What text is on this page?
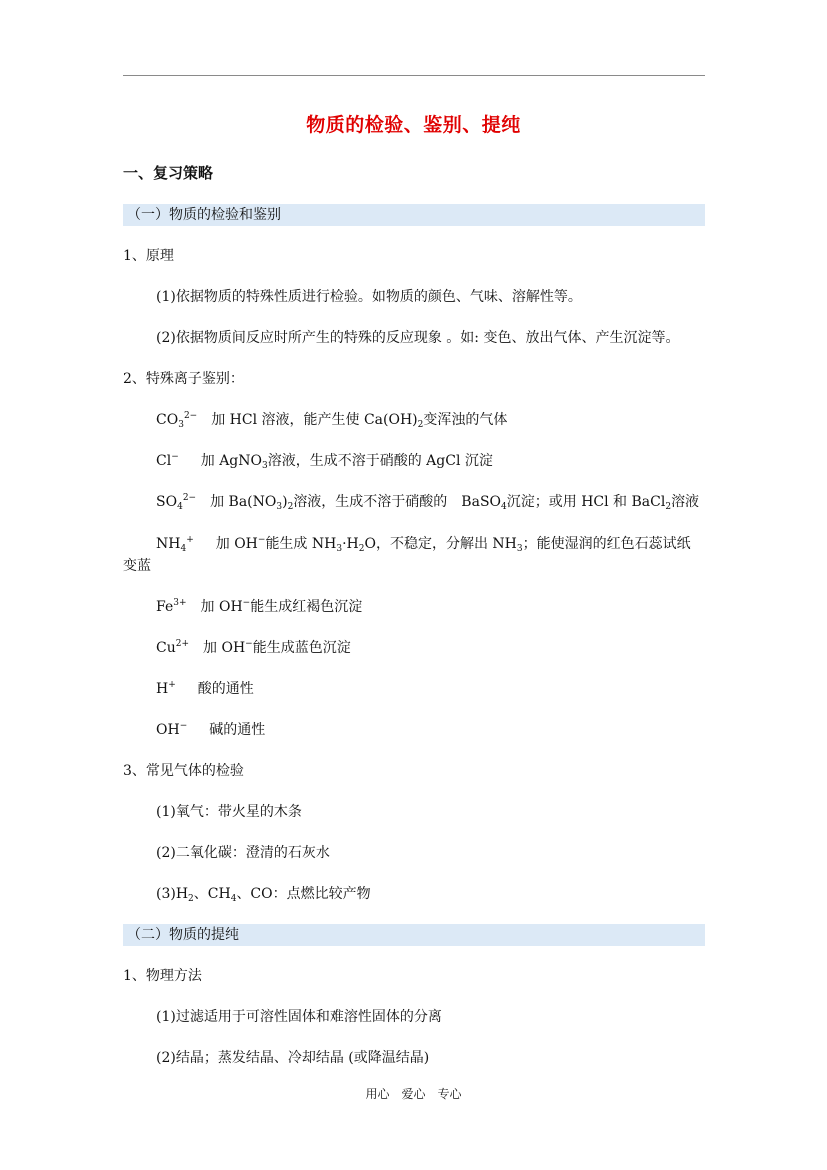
物质的检验、鉴别、提纯
一、复习策略
（一）物质的检验和鉴别
1、原理
(1)依据物质的特殊性质进行检验。如物质的颜色、气味、溶解性等。
(2)依据物质间反应时所产生的特殊的反应现象 。如: 变色、放出气体、产生沉淀等。
2、特殊离子鉴别：
$CO_3^{2-}$ 加 HCl 溶液，能产生使 $Ca(OH)_2$变浑浊的气体
Cl− 加 AgNO$_3$溶液，生成不溶于硝酸的 AgCl 沉淀
$SO_4^{2-}$ 加 $Ba(NO_3)_2$溶液，生成不溶于硝酸的　BaSO$_4$沉淀；或用 HCl 和 BaCl$_2$溶液
$NH_4^+$ 加 OH−能生成 $NH_3\cdot H_2O$，不稳定，分解出 $NH_3$；能使湿润的红色石蕊试纸
变蓝
$Fe^{3+}$ 加 OH−能生成红褐色沉淀
$Cu^{2+}$ 加 OH−能生成蓝色沉淀
H+ 酸的通性
OH− 碱的通性
3、常见气体的检验
(1)氧气：带火星的木条
(2)二氧化碳：澄清的石灰水
$(3)H_2$、$CH_4$、CO：点燃比较产物
（二）物质的提纯
1、物理方法
(1)过滤适用于可溶性固体和难溶性固体的分离
(2)结晶；蒸发结晶、冷却结晶 (或降温结晶)
用心　爱心　专心
